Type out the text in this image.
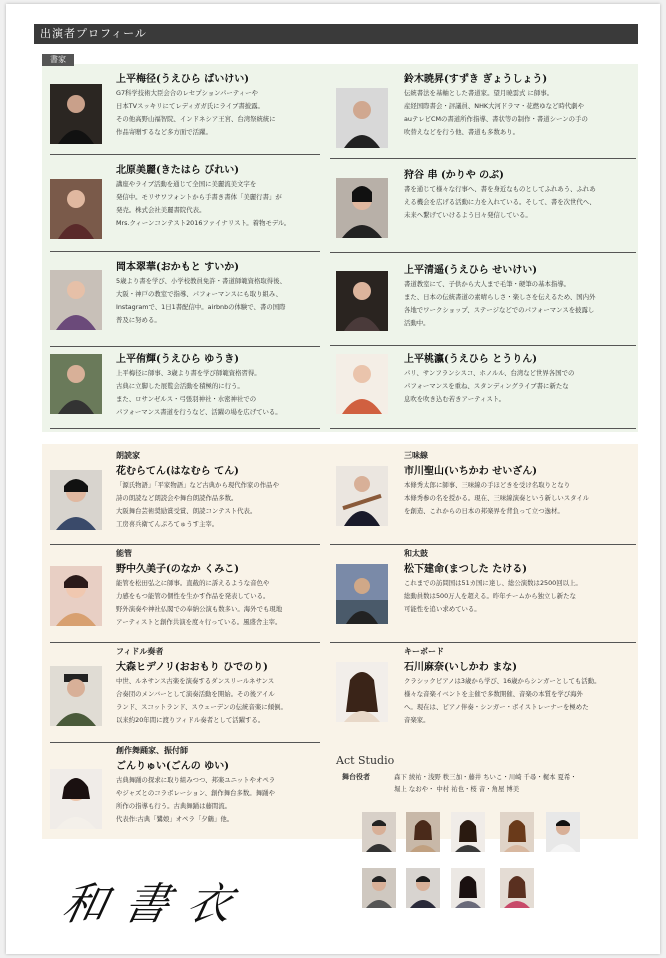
出演者プロフィール
書家
上平梅径(うえひら ばいけい)
G7科学技術大臣会合のレセプションパーティーや
日本TVスッキリにてレディガガ氏にライブ書披露。
その他高野山福智院、インドネシア王宮、台湾祭統統に
作品寄贈するなど多方面で活躍。
北原美麗(きたはら びれい)
講座やライブ活動を通じて全国に美麗流美文字を
発信中。モリサワフォントから手書き書体「美麗行書」が
発売。株式会社美麗書院代表。
Mrs.クィーンコンテスト2016ファイナリスト。着物モデル。
岡本翠華(おかもと すいか)
5歳より書を学び、小学校教員免許・書道師範資格取得後、
大阪・神戸の教室で指導、パフォーマンスにも取り組み、
Instagramで、1日1書配信中。airbnbの体験で、書の国際
普及に努める。
上平侑輝(うえひら ゆうき)
上平梅径に師事、3歳より書を学び師範資格習得。
古典に立脚した展覧会活動を積極的に行う。
また、ロサンゼルス・弓張羽神社・水密神社での
パフォーマンス書道を行うなど、活躍の場を広げている。
鈴木暁昇(すずき ぎょうしょう)
伝統書法を基軸とした書道家。望月暁雲式 に師事。
産経国際書会・評議員、NHK大河ドラマ・花燃ゆなど時代劇や
auテレビCMの書道所作指導、書状等の制作・書道シーンの手の
吹替えなどを行う他、書道も多数あり。
狩谷 串 (かりや のぶ)
書を通じて様々な行事へ、書を身近なものとしてふれあう、ふれあ
える機会を広げる活動に力を入れている。そして、書を次世代へ、
未来へ繋げていけるよう日々発信している。
上平清遥(うえひら せいけい)
書道教室にて、子供から大人まで毛筆・硬筆の基本指導。
また、日本の伝統書道の素晴らしさ・楽しさを伝えるため、国内外
各地でワークショップ、ステージなどでのパフォーマンスを披露し
活動中。
上平桃瀛(うえひら とうりん)
パリ、サンフランシスコ、ホノルル、台湾など世界各国での
パフォーマンスを重ね、スタンディングライブ書に新たな
息吹を吹き込む若きアーティスト。
朗読家
花むらてん(はなむら てん)
「源氏物語」「平家物語」など古典から現代作家の作品や
詩の朗読など朗読会や舞台朗読作品多数。
大阪舞台芸術奨励賞受賞、朗読コンテスト代表。
工房喜兵衛てんぷろてゅうす主宰。
能管
野中久美子(のなか くみこ)
能管を松田弘之に師事。直截的に訴えるような音色や
力感をもつ能管の個性を生かす作品を発表している。
野外演奏や神社仏閣での奉納公演も数多い。海外でも現地
アーティストと創作共演を度々行っている。風盛舎主宰。
フィドル奏者
大森ヒデノリ(おおもり ひでのり)
中世、ルネサンス古楽を演奏するダンスリールネサンス
合奏団のメンバーとして演奏活動を開始。その後アイル
ランド、スコットランド、スウェーデンの伝統音楽に傾倒。
以来約20年間に渡りフィドル奏者として活躍する。
創作舞踊家、振付師
ごんりゅい(ごんの ゆい)
古典舞踊の探求に取り組みつつ、邦楽ユニットやオペラ
やジャズとのコラボレーション、創作舞台多数。舞踊や
所作の指導も行う。古典舞踊は藤間流。
代表作:古典「鷺娘」オペラ「夕鶴」他。
三味線
市川聖山(いちかわ せいざん)
本條秀太郎に師事、三味線の手ほどきを受け名取りとなり
本條秀参の名を授かる。現在、三味線演奏という新しいスタイル
を創造、これからの日本の邦楽界を背負って立つ逸材。
和太鼓
松下建命(まつした たける)
これまでの訪問国は51カ国に達し、総公演数は2500回以上。
総動員数は500万人を超える。昨年チームから独立し新たな
可能性を追い求めている。
キーボード
石川麻奈(いしかわ まな)
クラシックピアノは3歳から学び、16歳からシンガーとしても活動。
様々な音楽イベントを主催で多数開催、音楽の本質を学び海外
へ。現在は、ピアノ伴奏・シンガー・ボイストレーナーを極めた
音楽家。
Act Studio
舞台役者	森下 綾祐・浅野 秩三加・藤井 ちいこ・川崎 千尋・梶本 夏希・
堀上 なおや・ 中村 祐也・桜 音・角屋 博美
和書衣
